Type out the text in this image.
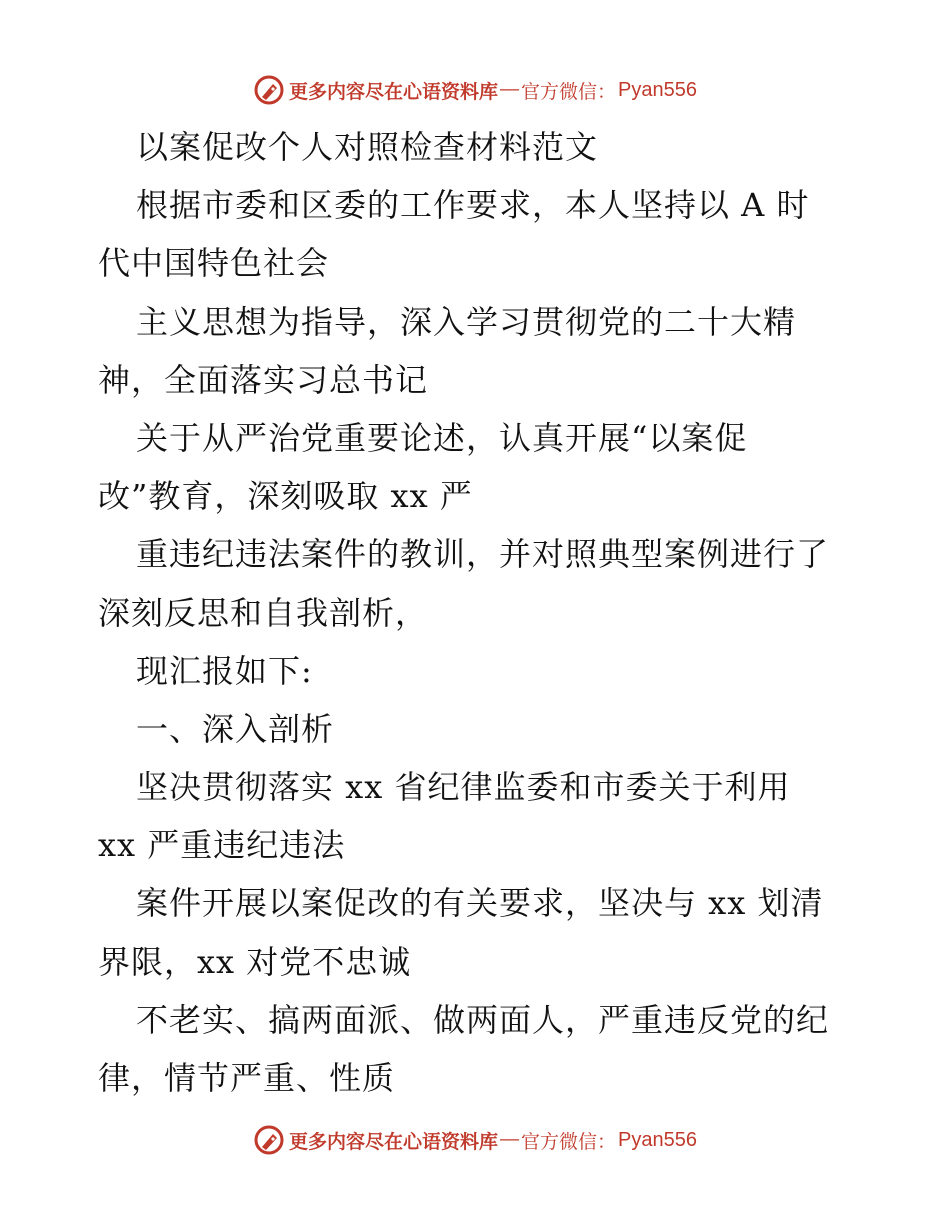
更多内容尽在心语资料库 — 官方微信： Pyan556
以案促改个人对照检查材料范文
根据市委和区委的工作要求，本人坚持以 A 时
代中国特色社会
主义思想为指导，深入学习贯彻党的二十大精
神，全面落实习总书记
关于从严治党重要论述，认真开展“以案促
改”教育，深刻吸取 xx 严
重违纪违法案件的教训，并对照典型案例进行了
深刻反思和自我剖析，
现汇报如下:
一、深入剖析
坚决贯彻落实 xx 省纪律监委和市委关于利用
xx 严重违纪违法
案件开展以案促改的有关要求，坚决与 xx 划清
界限，xx 对党不忠诚
不老实、搞两面派、做两面人，严重违反党的纪
律，情节严重、性质
更多内容尽在心语资料库 — 官方微信： Pyan556
